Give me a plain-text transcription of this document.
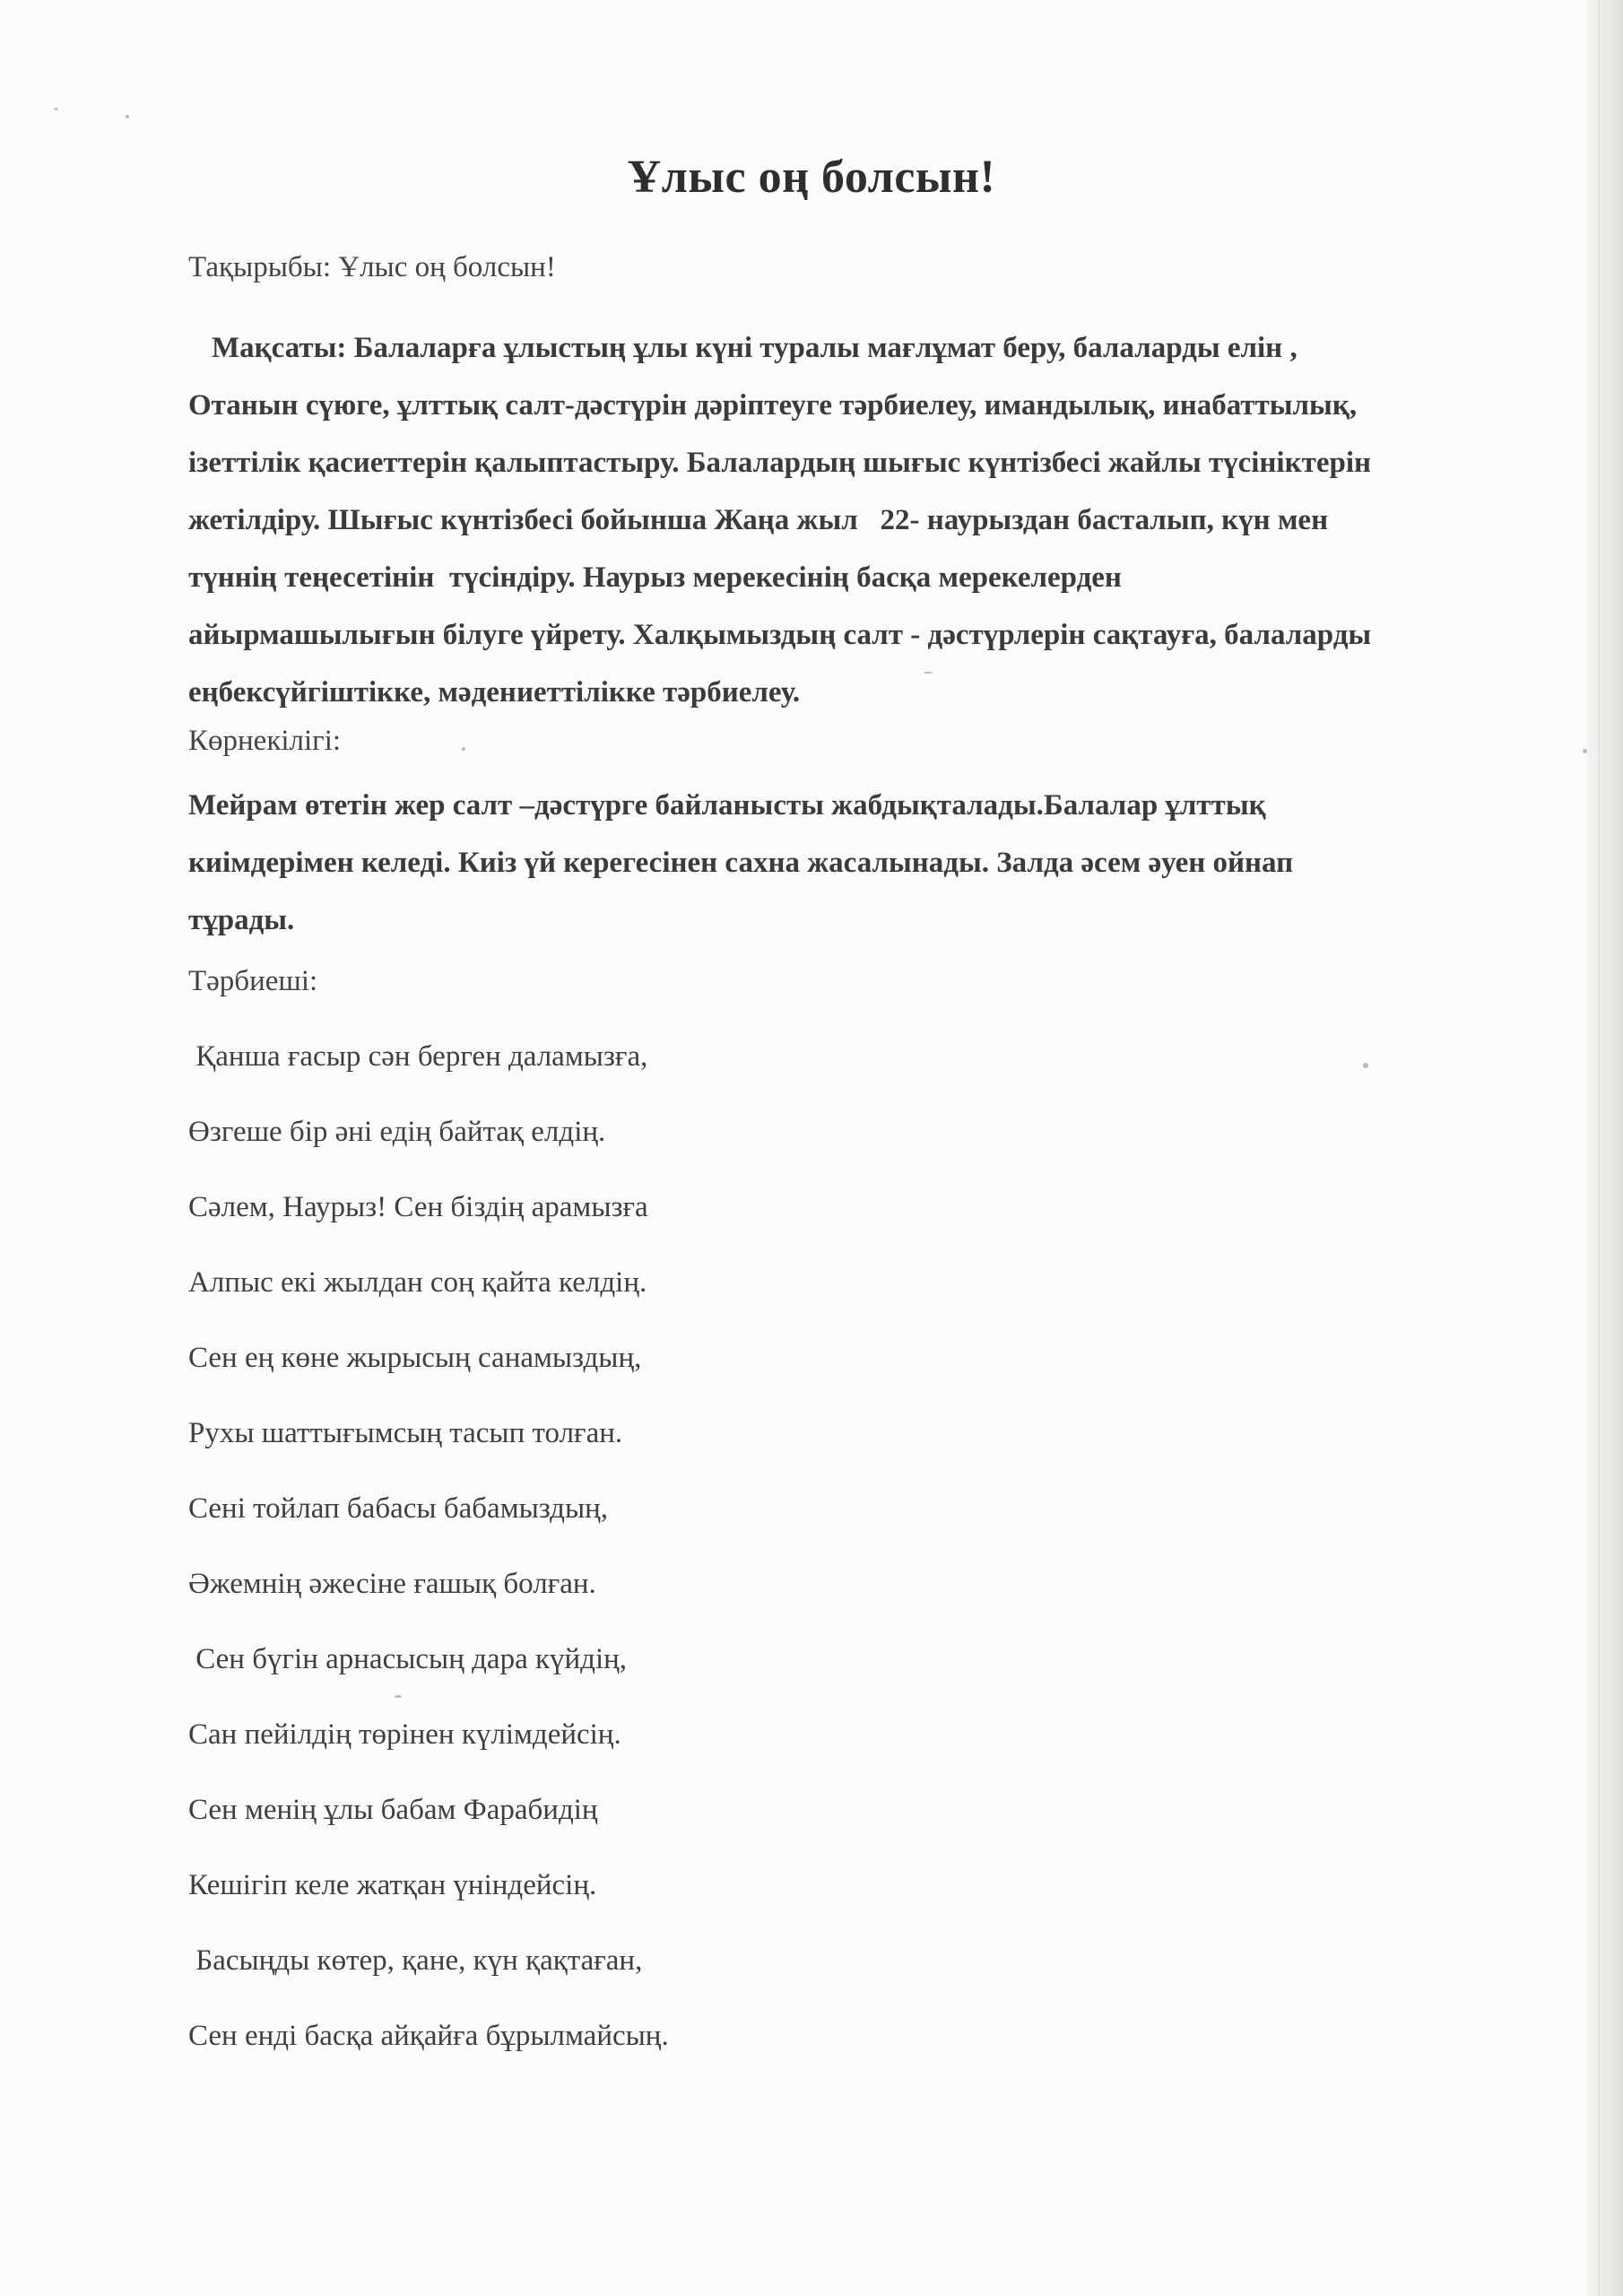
Ұлыс оң болсын!
Тақырыбы: Ұлыс оң болсын!
Мақсаты: Балаларға ұлыстың ұлы күні туралы мағлұмат беру, балаларды елін ,
Отанын сүюге, ұлттық салт-дәстүрін дәріптеуге тәрбиелеу, имандылық, инабаттылық,
ізеттілік қасиеттерін қалыптастыру. Балалардың шығыс күнтізбесі жайлы түсініктерін
жетілдіру. Шығыс күнтізбесі бойынша Жаңа жыл   22- наурыздан басталып, күн мен
түннің теңесетінін  түсіндіру. Наурыз мерекесінің басқа мерекелерден
айырмашылығын білуге үйрету. Халқымыздың салт - дәстүрлерін сақтауға, балаларды
еңбексүйгіштікке, мәдениеттілікке тәрбиелеу.
Көрнекілігі:
Мейрам өтетін жер салт –дәстүрге байланысты жабдықталады.Балалар ұлттық
киімдерімен келеді. Киіз үй керегесінен сахна жасалынады. Залда әсем әуен ойнап
тұрады.
Тәрбиеші:
Қанша ғасыр сән берген даламызға,
Өзгеше бір әні едің байтақ елдің.
Сәлем, Наурыз! Сен біздің арамызға
Алпыс екі жылдан соң қайта келдің.
Сен ең көне жырысың санамыздың,
Рухы шаттығымсың тасып толған.
Сені тойлап бабасы бабамыздың,
Әжемнің әжесіне ғашық болған.
Сен бүгін арнасысың дара күйдің,
Сан пейілдің төрінен күлімдейсің.
Сен менің ұлы бабам Фарабидің
Кешігіп келе жатқан үніндейсің.
Басыңды көтер, қане, күн қақтаған,
Сен енді басқа айқайға бұрылмайсың.
